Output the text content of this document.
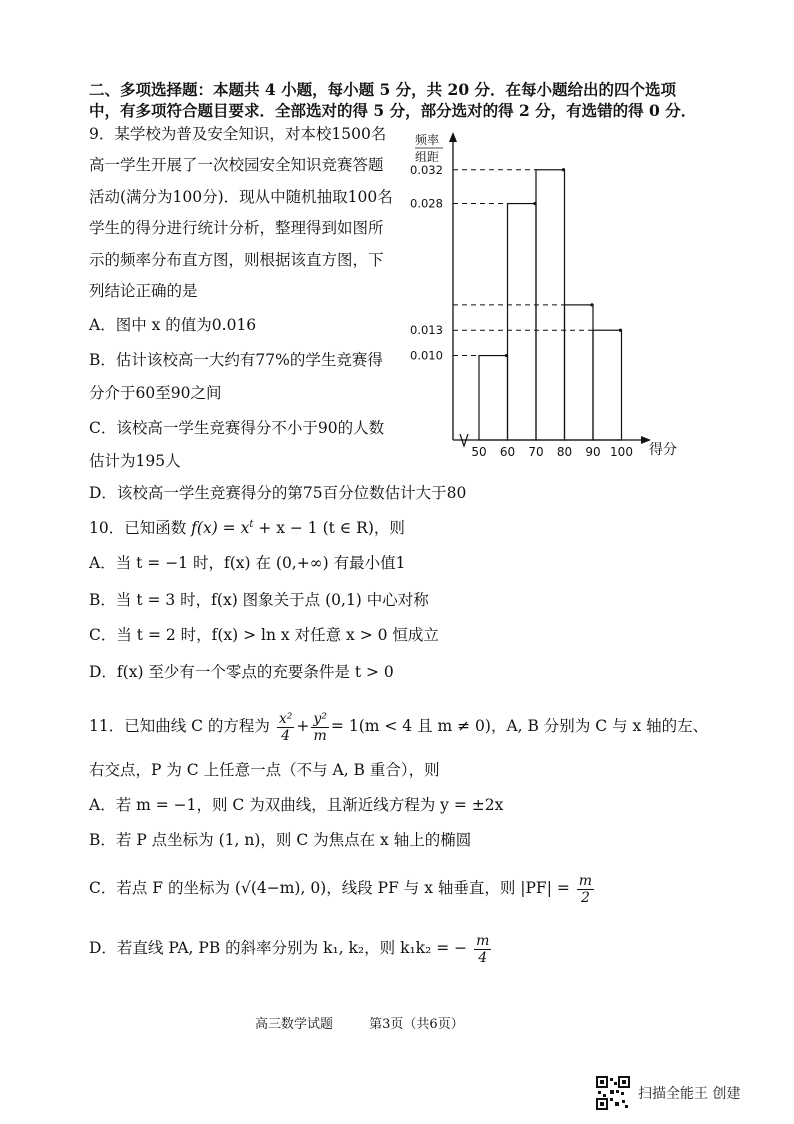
二、多项选择题：本题共 4 小题，每小题 5 分，共 20 分．在每小题给出的四个选项
中，有多项符合题目要求．全部选对的得 5 分，部分选对的得 2 分，有选错的得 0 分．
9．某学校为普及安全知识，对本校1500名
高一学生开展了一次校园安全知识竞赛答题
活动(满分为100分)．现从中随机抽取100名
学生的得分进行统计分析，整理得到如图所
示的频率分布直方图，则根据该直方图，下
列结论正确的是
A．图中 x 的值为0.016
B．估计该校高一大约有77%的学生竞赛得
分介于60至90之间
C．该校高一学生竞赛得分不小于90的人数
估计为195人
D．该校高一学生竞赛得分的第75百分位数估计大于80
频率
组距
得分
0.010
0.028
0.032
0.013
50 60 70 80 90 100
10．已知函数 $f(x) = x^t + x - 1$ (t ∈ R)，则
A．当 t = −1 时，f(x) 在 (0,+∞) 有最小值1
B．当 t = 3 时，f(x) 图象关于点 (0,1) 中心对称
C．当 t = 2 时，f(x) > ln x 对任意 x > 0 恒成立
D．f(x) 至少有一个零点的充要条件是 t > 0
11．已知曲线 C 的方程为 $\frac{\text{x²}}{4} + \frac{\text{y²}}{m} = 1(m < 4$ 且 m ≠ 0)，A, B 分别为 C 与 x 轴的左、
右交点，P 为 C 上任意一点（不与 A, B 重合），则
A．若 m = −1，则 C 为双曲线，且渐近线方程为 y = ±2x
B．若 P 点坐标为 (1, n)，则 C 为焦点在 x 轴上的椭圆
C．若点 F 的坐标为 (√(4−m), 0)，线段 PF 与 x 轴垂直，则 $|PF| = \frac{m}{2}$
D．若直线 PA, PB 的斜率分别为 k₁, k₂，则 k₁k₂ = − $\frac{m}{4}$
高三数学试题	第3页（共6页）
扫描全能王 创建
